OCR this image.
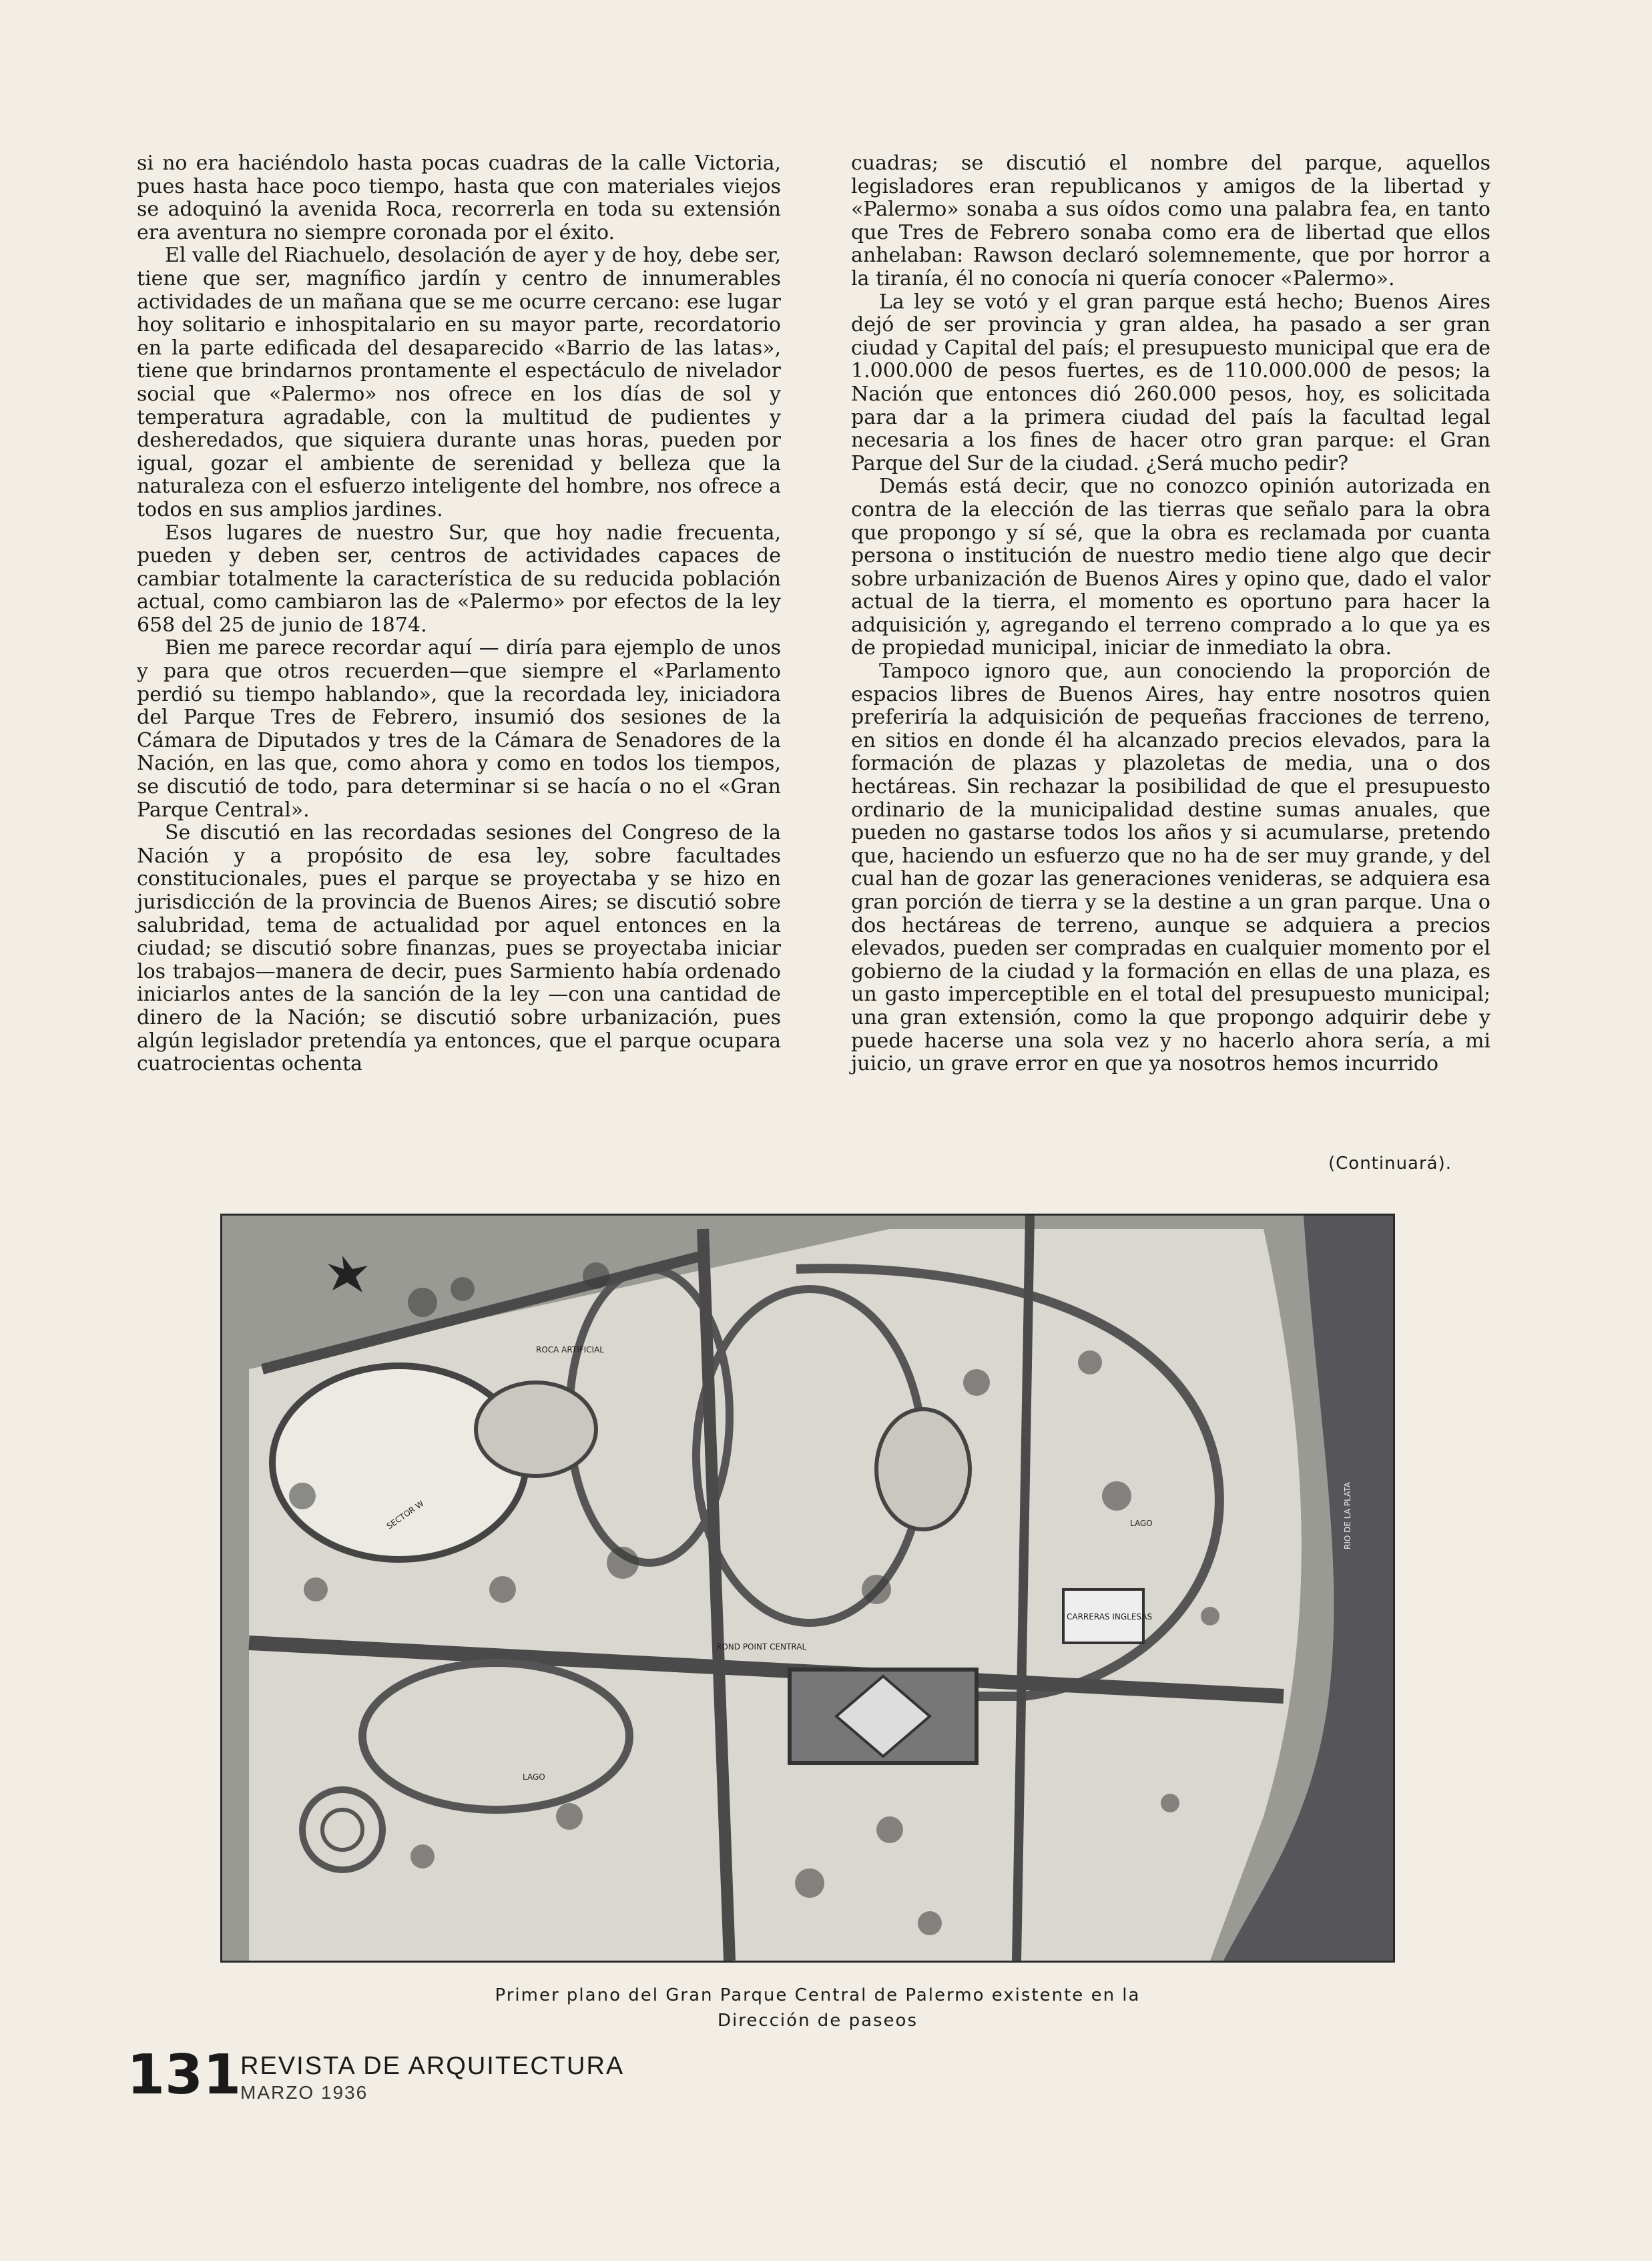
si no era haciéndolo hasta pocas cuadras de la calle Victoria, pues hasta hace poco tiempo, hasta que con materiales viejos se adoquinó la avenida Roca, recorrerla en toda su extensión era aventura no siempre coronada por el éxito.

El valle del Riachuelo, desolación de ayer y de hoy, debe ser, tiene que ser, magnífico jardín y centro de innumerables actividades de un mañana que se me ocurre cercano: ese lugar hoy solitario e inhospitalario en su mayor parte, recordatorio en la parte edificada del desaparecido «Barrio de las latas», tiene que brindarnos prontamente el espectáculo de nivelador social que «Palermo» nos ofrece en los días de sol y temperatura agradable, con la multitud de pudientes y desheredados, que siquiera durante unas horas, pueden por igual, gozar el ambiente de serenidad y belleza que la naturaleza con el esfuerzo inteligente del hombre, nos ofrece a todos en sus amplios jardines.

Esos lugares de nuestro Sur, que hoy nadie frecuenta, pueden y deben ser, centros de actividades capaces de cambiar totalmente la característica de su reducida población actual, como cambiaron las de «Palermo» por efectos de la ley 658 del 25 de junio de 1874.

Bien me parece recordar aquí — diría para ejemplo de unos y para que otros recuerden—que siempre el «Parlamento perdió su tiempo hablando», que la recordada ley, iniciadora del Parque Tres de Febrero, insumió dos sesiones de la Cámara de Diputados y tres de la Cámara de Senadores de la Nación, en las que, como ahora y como en todos los tiempos, se discutió de todo, para determinar si se hacía o no el «Gran Parque Central».

Se discutió en las recordadas sesiones del Congreso de la Nación y a propósito de esa ley, sobre facultades constitucionales, pues el parque se proyectaba y se hizo en jurisdicción de la provincia de Buenos Aires; se discutió sobre salubridad, tema de actualidad por aquel entonces en la ciudad; se discutió sobre finanzas, pues se proyectaba iniciar los trabajos—manera de decir, pues Sarmiento había ordenado iniciarlos antes de la sanción de la ley —con una cantidad de dinero de la Nación; se discutió sobre urbanización, pues algún legislador pretendía ya entonces, que el parque ocupara cuatrocientas ochenta

cuadras; se discutió el nombre del parque, aquellos legisladores eran republicanos y amigos de la libertad y «Palermo» sonaba a sus oídos como una palabra fea, en tanto que Tres de Febrero sonaba como era de libertad que ellos anhelaban: Rawson declaró solemnemente, que por horror a la tiranía, él no conocía ni quería conocer «Palermo».

La ley se votó y el gran parque está hecho; Buenos Aires dejó de ser provincia y gran aldea, ha pasado a ser gran ciudad y Capital del país; el presupuesto municipal que era de 1.000.000 de pesos fuertes, es de 110.000.000 de pesos; la Nación que entonces dió 260.000 pesos, hoy, es solicitada para dar a la primera ciudad del país la facultad legal necesaria a los fines de hacer otro gran parque: el Gran Parque del Sur de la ciudad. ¿Será mucho pedir?

Demás está decir, que no conozco opinión autorizada en contra de la elección de las tierras que señalo para la obra que propongo y sí sé, que la obra es reclamada por cuanta persona o institución de nuestro medio tiene algo que decir sobre urbanización de Buenos Aires y opino que, dado el valor actual de la tierra, el momento es oportuno para hacer la adquisición y, agregando el terreno comprado a lo que ya es de propiedad municipal, iniciar de inmediato la obra.

Tampoco ignoro que, aun conociendo la proporción de espacios libres de Buenos Aires, hay entre nosotros quien preferiría la adquisición de pequeñas fracciones de terreno, en sitios en donde él ha alcanzado precios elevados, para la formación de plazas y plazoletas de media, una o dos hectáreas. Sin rechazar la posibilidad de que el presupuesto ordinario de la municipalidad destine sumas anuales, que pueden no gastarse todos los años y si acumularse, pretendo que, haciendo un esfuerzo que no ha de ser muy grande, y del cual han de gozar las generaciones venideras, se adquiera esa gran porción de tierra y se la destine a un gran parque. Una o dos hectáreas de terreno, aunque se adquiera a precios elevados, pueden ser compradas en cualquier momento por el gobierno de la ciudad y la formación en ellas de una plaza, es un gasto imperceptible en el total del presupuesto municipal; una gran extensión, como la que propongo adquirir debe y puede hacerse una sola vez y no hacerlo ahora sería, a mi juicio, un grave error en que ya nosotros hemos incurrido

(Continuará).
ROCA ARTIFICIAL
SECTOR W
ROND POINT CENTRAL
LAGO
LAGO
CARRERAS INGLESAS
RIO DE LA PLATA
Primer plano del Gran Parque Central de Palermo existente en la
Dirección de paseos
131
REVISTA DE ARQUITECTURA
MARZO 1936
